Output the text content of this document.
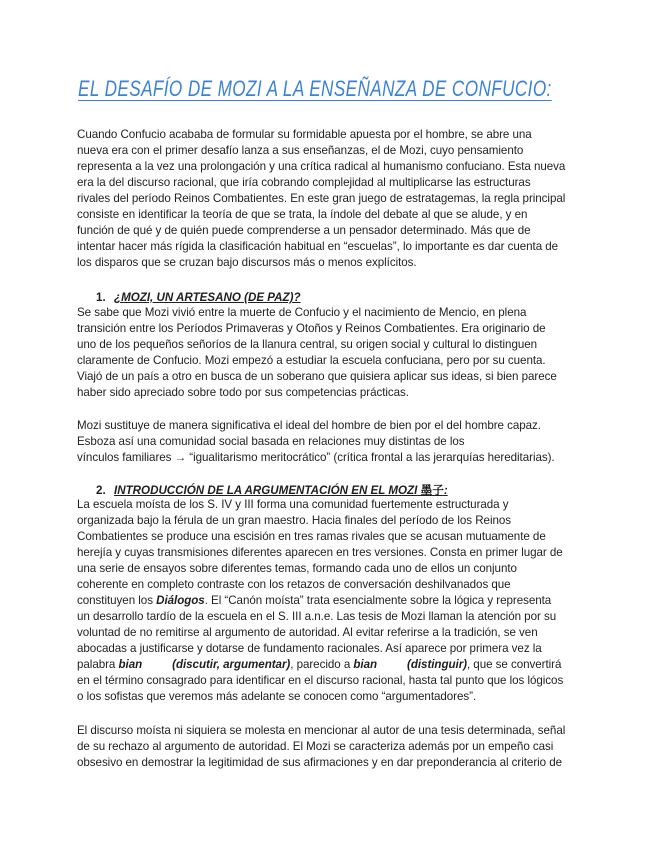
EL DESAFÍO DE MOZI A LA ENSEÑANZA DE CONFUCIO:
Cuando Confucio acababa de formular su formidable apuesta por el hombre, se abre una
nueva era con el primer desafío lanza a sus enseñanzas, el de Mozi, cuyo pensamiento
representa a la vez una prolongación y una crítica radical al humanismo confuciano. Esta nueva
era la del discurso racional, que iría cobrando complejidad al multiplicarse las estructuras
rivales del período Reinos Combatientes. En este gran juego de estratagemas, la regla principal
consiste en identificar la teoría de que se trata, la índole del debate al que se alude, y en
función de qué y de quién puede comprenderse a un pensador determinado. Más que de
intentar hacer más rígida la clasificación habitual en “escuelas”, lo importante es dar cuenta de
los disparos que se cruzan bajo discursos más o menos explícitos.
1. ¿MOZI, UN ARTESANO (DE PAZ)?
Se sabe que Mozi vivió entre la muerte de Confucio y el nacimiento de Mencio, en plena
transición entre los Períodos Primaveras y Otoños y Reinos Combatientes. Era originario de
uno de los pequeños señoríos de la llanura central, su origen social y cultural lo distinguen
claramente de Confucio. Mozi empezó a estudiar la escuela confuciana, pero por su cuenta.
Viajó de un país a otro en busca de un soberano que quisiera aplicar sus ideas, si bien parece
haber sido apreciado sobre todo por sus competencias prácticas.
Mozi sustituye de manera significativa el ideal del hombre de bien por el del hombre capaz.
Esboza así una comunidad social basada en relaciones muy distintas de los
vínculos familiares → “igualitarismo meritocrático” (crítica frontal a las jerarquías hereditarias).
2. INTRODUCCIÓN DE LA ARGUMENTACIÓN EN EL MOZI 墨子:
La escuela moísta de los S. IV y III forma una comunidad fuertemente estructurada y
organizada bajo la férula de un gran maestro. Hacia finales del período de los Reinos
Combatientes se produce una escisión en tres ramas rivales que se acusan mutuamente de
herejía y cuyas transmisiones diferentes aparecen en tres versiones. Consta en primer lugar de
una serie de ensayos sobre diferentes temas, formando cada uno de ellos un conjunto
coherente en completo contraste con los retazos de conversación deshilvanados que
constituyen los Diálogos. El “Canón moísta” trata esencialmente sobre la lógica y representa
un desarrollo tardío de la escuela en el S. III a.n.e. Las tesis de Mozi llaman la atención por su
voluntad de no remitirse al argumento de autoridad. Al evitar referirse a la tradición, se ven
abocadas a justificarse y dotarse de fundamento racionales. Así aparece por primera vez la
palabra bian	(discutir, argumentar), parecido a bian	(distinguir), que se convertirá
en el término consagrado para identificar en el discurso racional, hasta tal punto que los lógicos
o los sofistas que veremos más adelante se conocen como “argumentadores”.
El discurso moísta ni siquiera se molesta en mencionar al autor de una tesis determinada, señal
de su rechazo al argumento de autoridad. El Mozi se caracteriza además por un empeño casi
obsesivo en demostrar la legitimidad de sus afirmaciones y en dar preponderancia al criterio de
